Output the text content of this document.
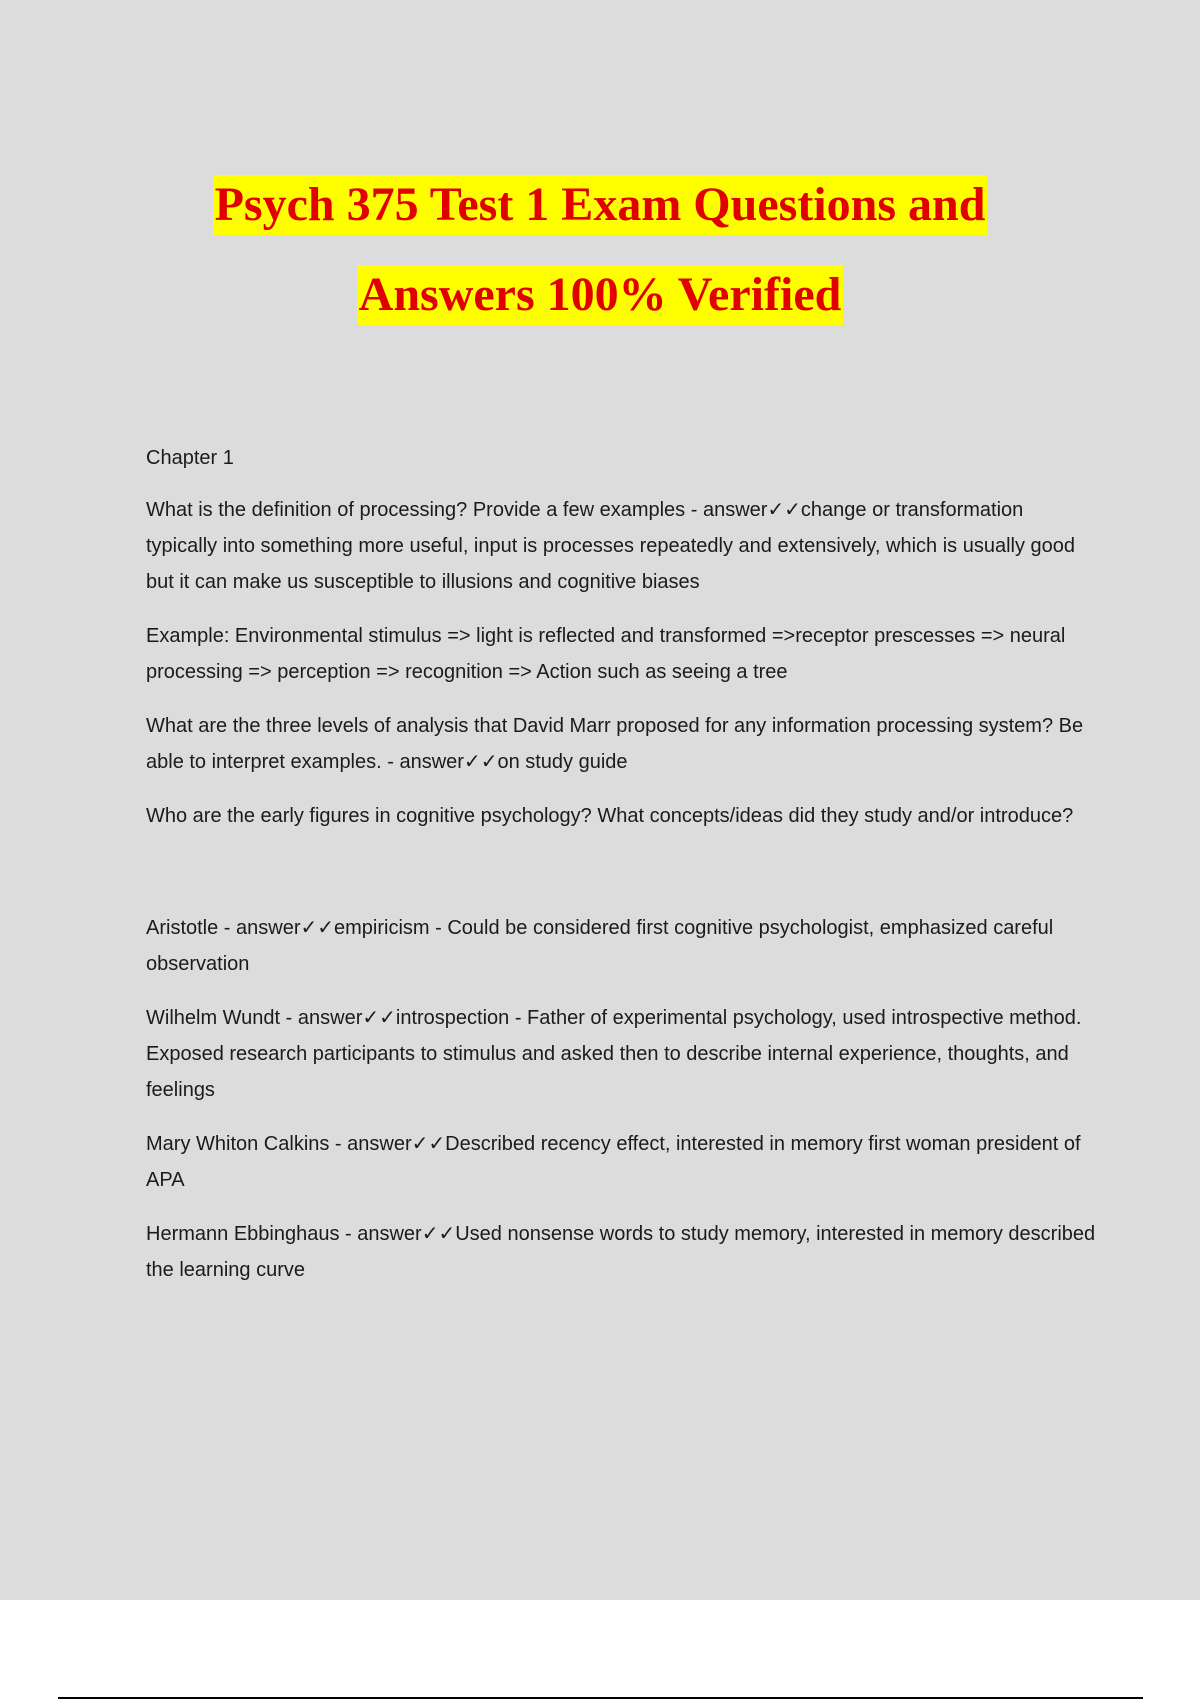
Psych 375 Test 1 Exam Questions and
Answers 100% Verified

Chapter 1

What is the definition of processing? Provide a few examples - answer✓✓change or transformation typically into something more useful, input is processes repeatedly and extensively, which is usually good but it can make us susceptible to illusions and cognitive biases

Example: Environmental stimulus => light is reflected and transformed =>receptor prescesses => neural processing => perception => recognition => Action such as seeing a tree

What are the three levels of analysis that David Marr proposed for any information processing system? Be able to interpret examples. - answer✓✓on study guide

Who are the early figures in cognitive psychology? What concepts/ideas did they study and/or introduce?

Aristotle - answer✓✓empiricism - Could be considered first cognitive psychologist, emphasized careful observation

Wilhelm Wundt - answer✓✓introspection - Father of experimental psychology, used introspective method. Exposed research participants to stimulus and asked then to describe internal experience, thoughts, and feelings

Mary Whiton Calkins - answer✓✓Described recency effect, interested in memory first woman president of APA

Hermann Ebbinghaus - answer✓✓Used nonsense words to study memory, interested in memory described the learning curve
